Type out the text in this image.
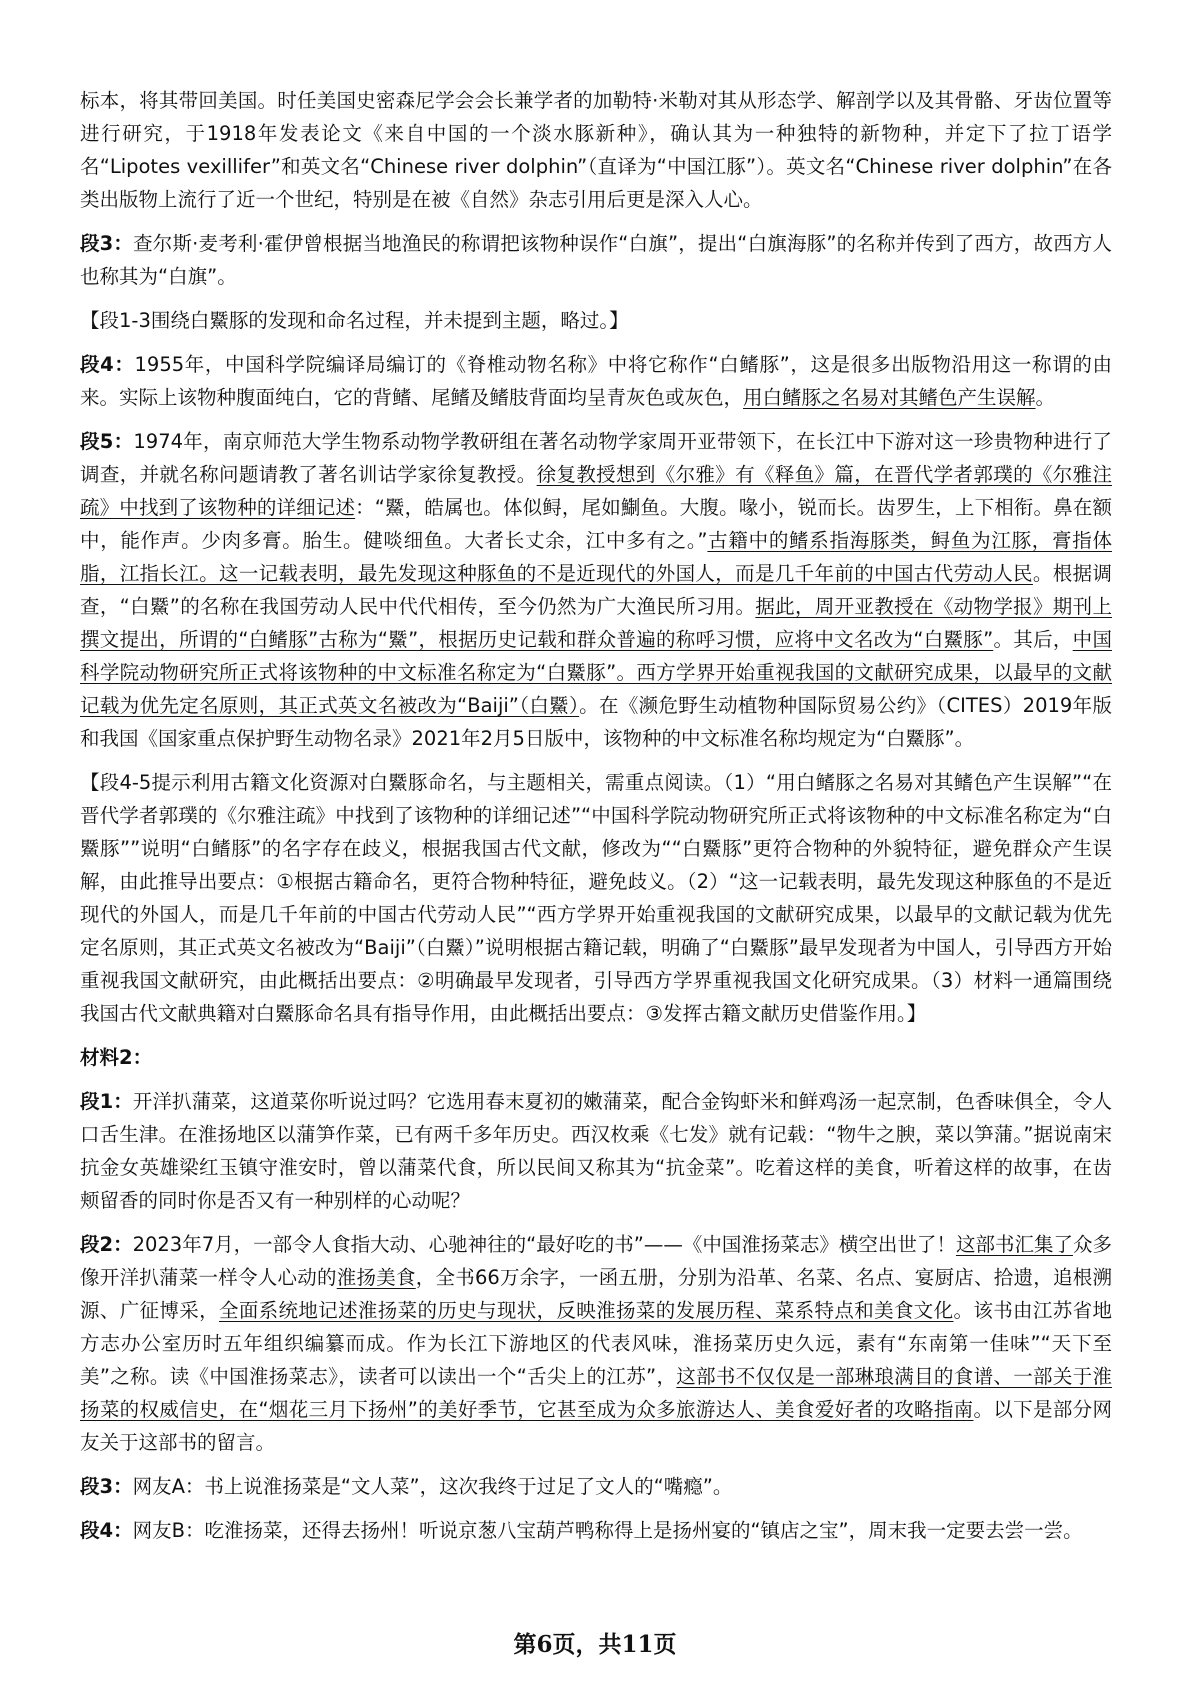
标本，将其带回美国。时任美国史密森尼学会会长兼学者的加勒特·米勒对其从形态学、解剖学以及其骨骼、牙齿位置等进行研究，于1918年发表论文《来自中国的一个淡水豚新种》，确认其为一种独特的新物种，并定下了拉丁语学名“Lipotes vexillifer”和英文名“Chinese river dolphin”（直译为“中国江豚”）。英文名“Chinese river dolphin”在各类出版物上流行了近一个世纪，特别是在被《自然》杂志引用后更是深入人心。

段3：查尔斯·麦考利·霍伊曾根据当地渔民的称谓把该物种误作“白旗”，提出“白旗海豚”的名称并传到了西方，故西方人也称其为“白旗”。

【段1-3围绕白鱀豚的发现和命名过程，并未提到主题，略过。】

段4：1955年，中国科学院编译局编订的《脊椎动物名称》中将它称作“白鳍豚”，这是很多出版物沿用这一称谓的由来。实际上该物种腹面纯白，它的背鳍、尾鳍及鳍肢背面均呈青灰色或灰色，用白鳍豚之名易对其鳍色产生误解。

段5：1974年，南京师范大学生物系动物学教研组在著名动物学家周开亚带领下，在长江中下游对这一珍贵物种进行了调查，并就名称问题请教了著名训诂学家徐复教授。徐复教授想到《尔雅》有《释鱼》篇，在晋代学者郭璞的《尔雅注疏》中找到了该物种的详细记述：“鱀，皓属也。体似鲟，尾如鯯鱼。大腹。喙小，锐而长。齿罗生，上下相衔。鼻在额中，能作声。少肉多膏。胎生。健啖细鱼。大者长丈余，江中多有之。”古籍中的鳍系指海豚类，鲟鱼为江豚，膏指体脂，江指长江。这一记载表明，最先发现这种豚鱼的不是近现代的外国人，而是几千年前的中国古代劳动人民。根据调查，“白鱀”的名称在我国劳动人民中代代相传，至今仍然为广大渔民所习用。据此，周开亚教授在《动物学报》期刊上撰文提出，所谓的“白鳍豚”古称为“鱀”，根据历史记载和群众普遍的称呼习惯，应将中文名改为“白鱀豚”。其后，中国科学院动物研究所正式将该物种的中文标准名称定为“白鱀豚”。西方学界开始重视我国的文献研究成果，以最早的文献记载为优先定名原则，其正式英文名被改为“Baiji”（白鱀）。在《濒危野生动植物种国际贸易公约》（CITES）2019年版和我国《国家重点保护野生动物名录》2021年2月5日版中，该物种的中文标准名称均规定为“白鱀豚”。

【段4-5提示利用古籍文化资源对白鱀豚命名，与主题相关，需重点阅读。（1）“用白鳍豚之名易对其鳍色产生误解”“在晋代学者郭璞的《尔雅注疏》中找到了该物种的详细记述”“中国科学院动物研究所正式将该物种的中文标准名称定为“白鱀豚””说明“白鳍豚”的名字存在歧义，根据我国古代文献，修改为““白鱀豚”更符合物种的外貌特征，避免群众产生误解，由此推导出要点：①根据古籍命名，更符合物种特征，避免歧义。（2）“这一记载表明，最先发现这种豚鱼的不是近现代的外国人，而是几千年前的中国古代劳动人民”“西方学界开始重视我国的文献研究成果，以最早的文献记载为优先定名原则，其正式英文名被改为“Baiji”（白鱀）”说明根据古籍记载，明确了“白鱀豚”最早发现者为中国人，引导西方开始重视我国文献研究，由此概括出要点：②明确最早发现者，引导西方学界重视我国文化研究成果。（3）材料一通篇围绕我国古代文献典籍对白鱀豚命名具有指导作用，由此概括出要点：③发挥古籍文献历史借鉴作用。】

材料2：

段1：开洋扒蒲菜，这道菜你听说过吗？它选用春末夏初的嫩蒲菜，配合金钩虾米和鲜鸡汤一起烹制，色香味俱全，令人口舌生津。在淮扬地区以蒲笋作菜，已有两千多年历史。西汉枚乘《七发》就有记载：“物牛之腴，菜以笋蒲。”据说南宋抗金女英雄梁红玉镇守淮安时，曾以蒲菜代食，所以民间又称其为“抗金菜”。吃着这样的美食，听着这样的故事，在齿颊留香的同时你是否又有一种别样的心动呢？

段2：2023年7月，一部令人食指大动、心驰神往的“最好吃的书”——《中国淮扬菜志》横空出世了！这部书汇集了众多像开洋扒蒲菜一样令人心动的淮扬美食，全书66万余字，一函五册，分别为沿革、名菜、名点、宴厨店、拾遗，追根溯源、广征博采，全面系统地记述淮扬菜的历史与现状，反映淮扬菜的发展历程、菜系特点和美食文化。该书由江苏省地方志办公室历时五年组织编纂而成。作为长江下游地区的代表风味，淮扬菜历史久远，素有“东南第一佳味”“天下至美”之称。读《中国淮扬菜志》，读者可以读出一个“舌尖上的江苏”，这部书不仅仅是一部琳琅满目的食谱、一部关于淮扬菜的权威信史，在“烟花三月下扬州”的美好季节，它甚至成为众多旅游达人、美食爱好者的攻略指南。以下是部分网友关于这部书的留言。

段3：网友A：书上说淮扬菜是“文人菜”，这次我终于过足了文人的“嘴瘾”。

段4：网友B：吃淮扬菜，还得去扬州！听说京葱八宝葫芦鸭称得上是扬州宴的“镇店之宝”，周末我一定要去尝一尝。

第6页，共11页
